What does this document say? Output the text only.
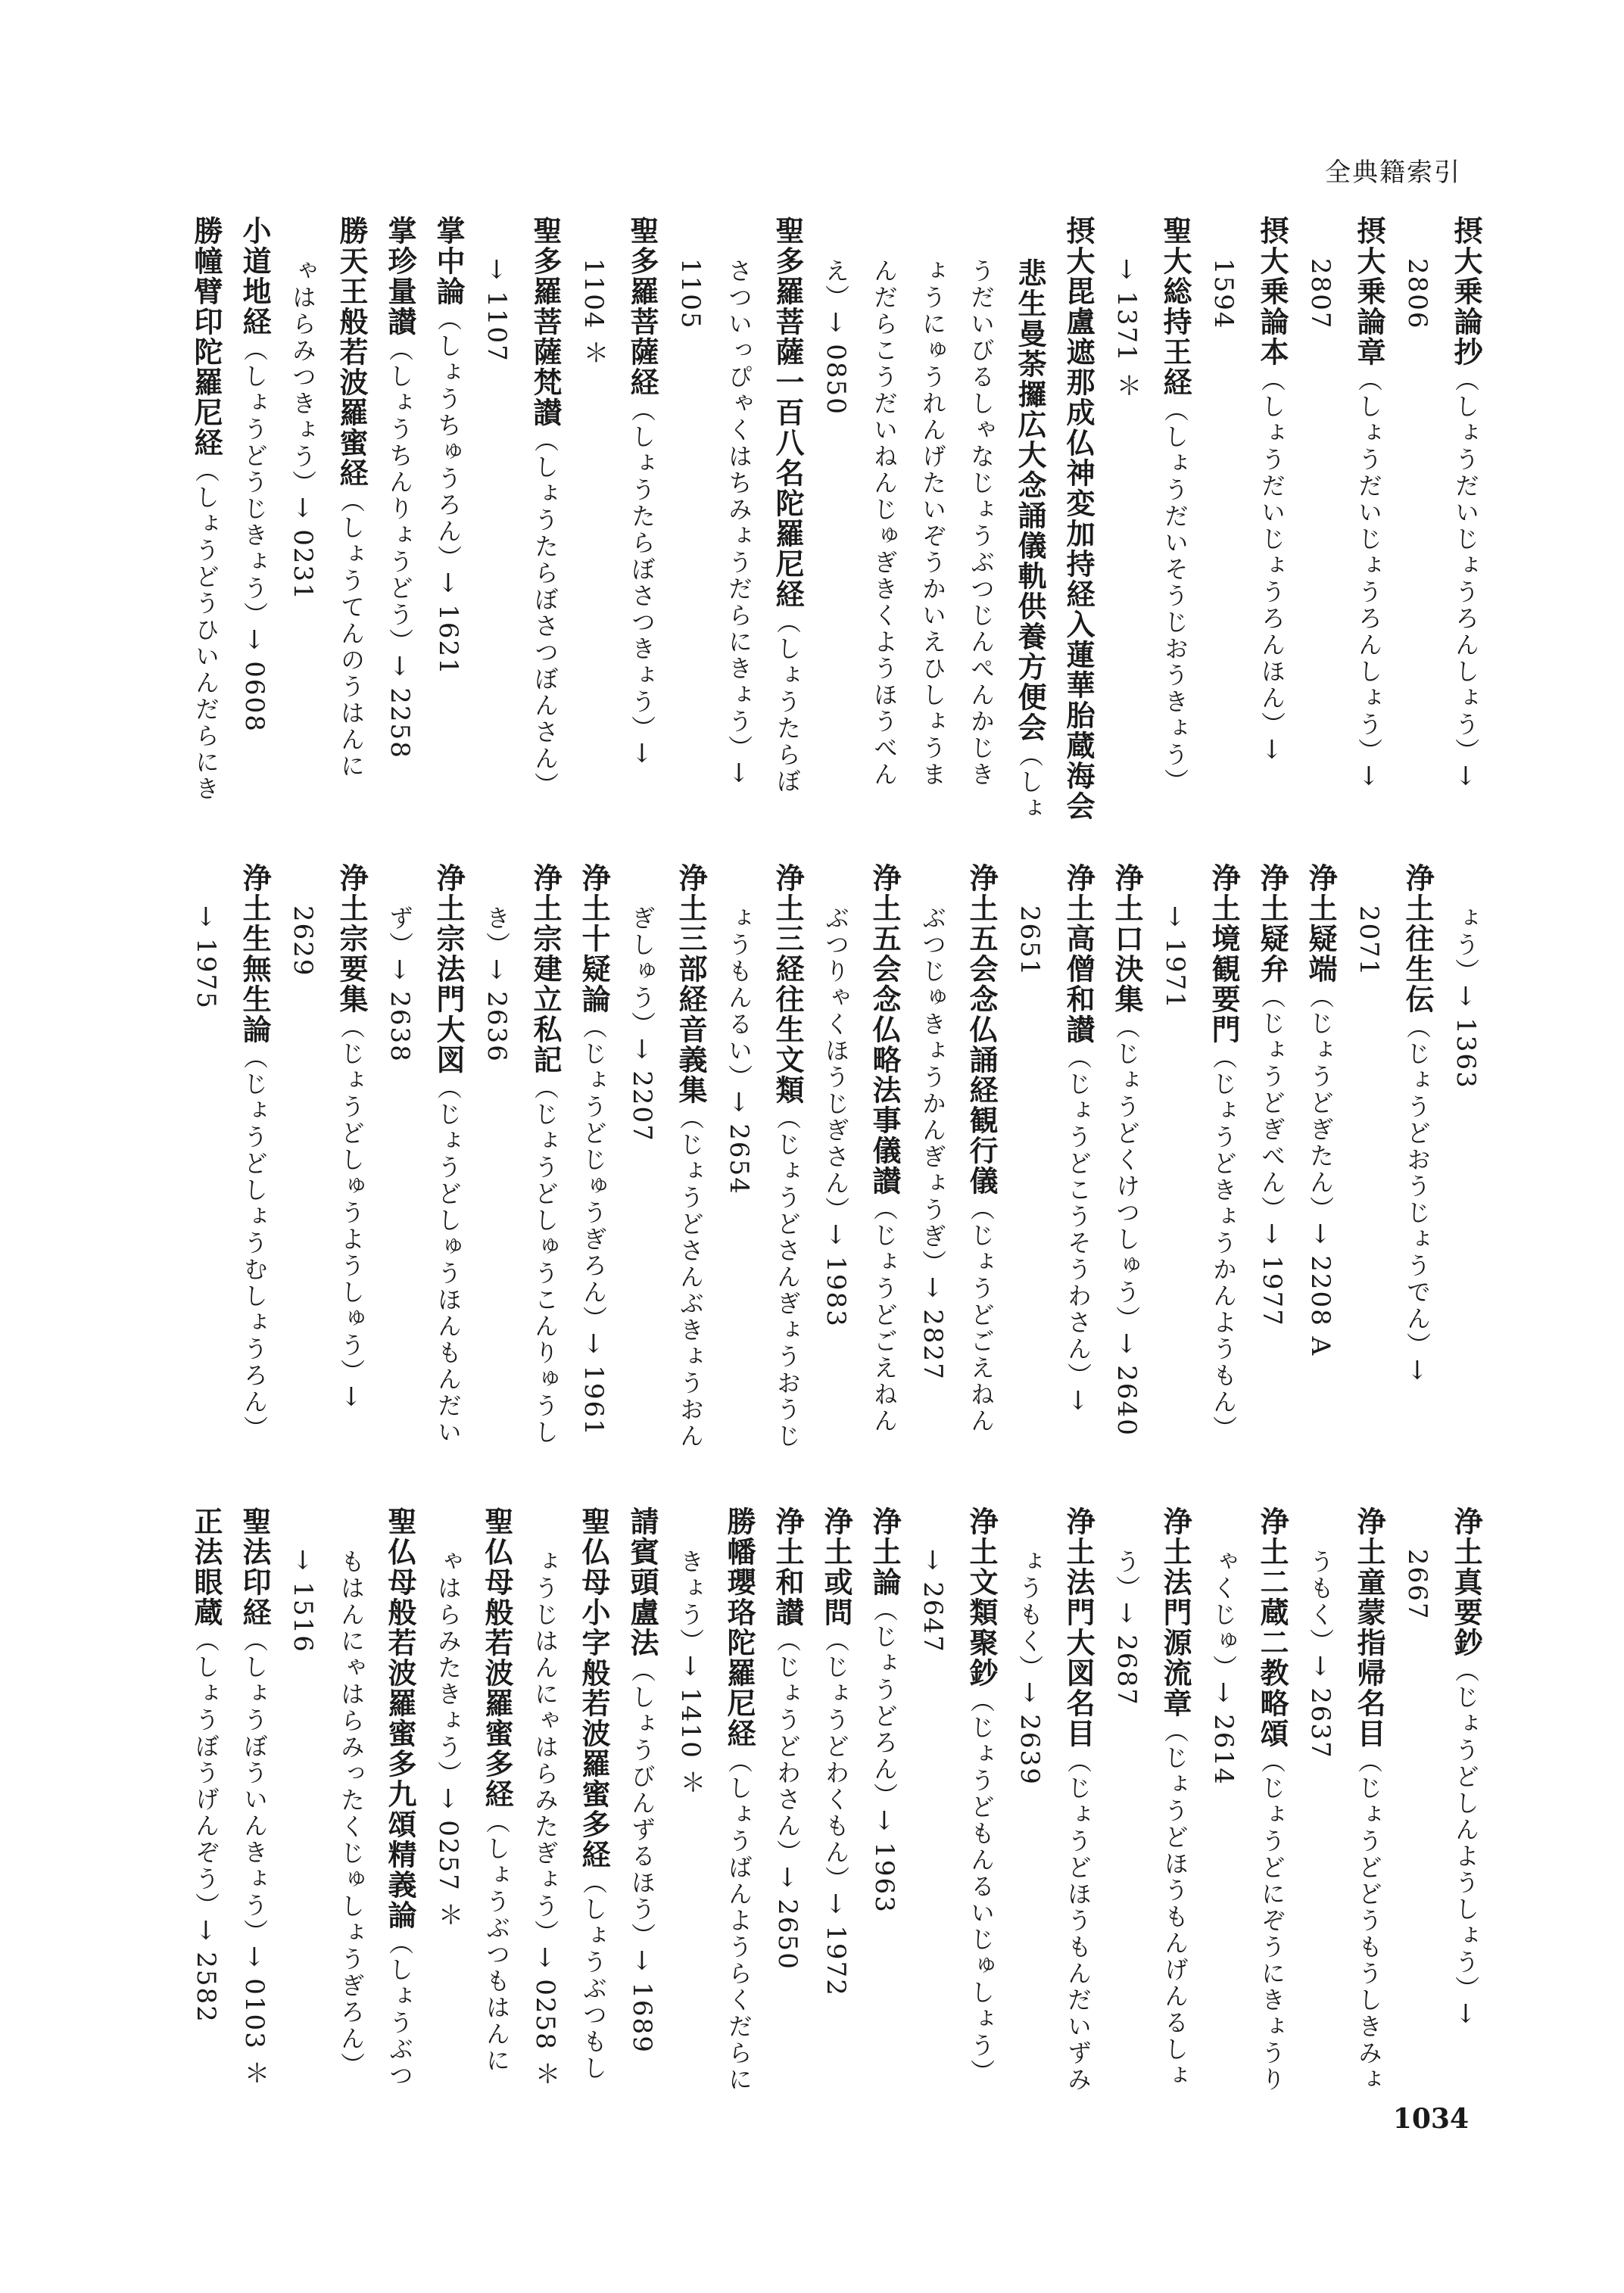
全典籍索引
摂大乗論抄（しょうだいじょうろんしょう）→
2806
摂大乗論章（しょうだいじょうろんしょう）→
2807
摂大乗論本（しょうだいじょうろんほん）→
1594
聖大総持王経（しょうだいそうじおうきょう）
→ 1371 ＊
摂大毘盧遮那成仏神変加持経入蓮華胎蔵海会
悲生曼荼攞広大念誦儀軌供養方便会（しょ
うだいびるしゃなじょうぶつじんぺんかじき
ょうにゅうれんげたいぞうかいえひしょうま
んだらこうだいねんじゅぎきくようほうべん
え）→ 0850
聖多羅菩薩一百八名陀羅尼経（しょうたらぼ
さついっぴゃくはちみょうだらにきょう）→
1105
聖多羅菩薩経（しょうたらぼさつきょう）→
1104 ＊
聖多羅菩薩梵讃（しょうたらぼさつぼんさん）
→ 1107
掌中論（しょうちゅうろん）→ 1621
掌珍量讃（しょうちんりょうどう）→ 2258
勝天王般若波羅蜜経（しょうてんのうはんに
ゃはらみつきょう）→ 0231
小道地経（しょうどうじきょう）→ 0608
勝幢臂印陀羅尼経（しょうどうひいんだらにき
ょう）→ 1363
浄土往生伝（じょうどおうじょうでん）→
2071
浄土疑端（じょうどぎたん）→ 2208 A
浄土疑弁（じょうどぎべん）→ 1977
浄土境観要門（じょうどきょうかんようもん）
→ 1971
浄土口決集（じょうどくけつしゅう）→ 2640
浄土高僧和讃（じょうどこうそうわさん）→
2651
浄土五会念仏誦経観行儀（じょうどごえねん
ぶつじゅきょうかんぎょうぎ）→ 2827
浄土五会念仏略法事儀讃（じょうどごえねん
ぶつりゃくほうじぎさん）→ 1983
浄土三経往生文類（じょうどさんぎょうおうじ
ょうもんるい）→ 2654
浄土三部経音義集（じょうどさんぶきょうおん
ぎしゅう）→ 2207
浄土十疑論（じょうどじゅうぎろん）→ 1961
浄土宗建立私記（じょうどしゅうこんりゅうし
き）→ 2636
浄土宗法門大図（じょうどしゅうほんもんだい
ず）→ 2638
浄土宗要集（じょうどしゅうようしゅう）→
2629
浄土生無生論（じょうどしょうむしょうろん）
→ 1975
浄土真要鈔（じょうどしんようしょう）→
2667
浄土童蒙指帰名目（じょうどどうもうしきみょ
うもく）→ 2637
浄土二蔵二教略頌（じょうどにぞうにきょうり
ゃくじゅ）→ 2614
浄土法門源流章（じょうどほうもんげんるしょ
う）→ 2687
浄土法門大図名目（じょうどほうもんだいずみ
ょうもく）→ 2639
浄土文類聚鈔（じょうどもんるいじゅしょう）
→ 2647
浄土論（じょうどろん）→ 1963
浄土或問（じょうどわくもん）→ 1972
浄土和讃（じょうどわさん）→ 2650
勝幡瓔珞陀羅尼経（しょうばんようらくだらに
きょう）→ 1410 ＊
請賓頭盧法（しょうびんずるほう）→ 1689
聖仏母小字般若波羅蜜多経（しょうぶつもし
ょうじはんにゃはらみたぎょう）→ 0258 ＊
聖仏母般若波羅蜜多経（しょうぶつもはんに
ゃはらみたきょう）→ 0257 ＊
聖仏母般若波羅蜜多九頌精義論（しょうぶつ
もはんにゃはらみったくじゅしょうぎろん）
→ 1516
聖法印経（しょうぼういんきょう）→ 0103 ＊
正法眼蔵（しょうぼうげんぞう）→ 2582
1034
